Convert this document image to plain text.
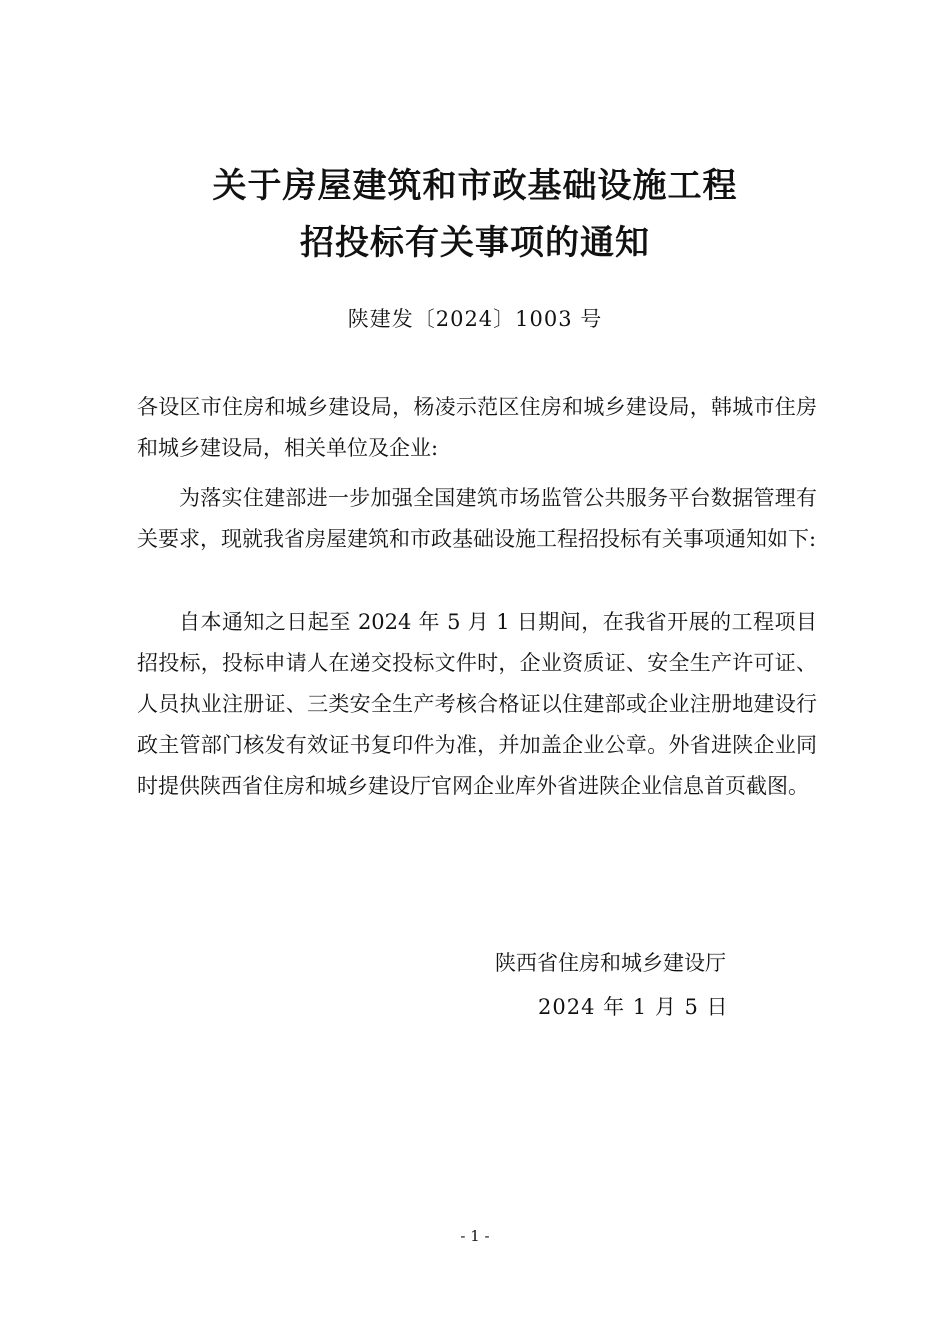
关于房屋建筑和市政基础设施工程
招投标有关事项的通知
陕建发〔2024〕1003 号

各设区市住房和城乡建设局，杨凌示范区住房和城乡建设局，韩城市住房和城乡建设局，相关单位及企业:

为落实住建部进一步加强全国建筑市场监管公共服务平台数据管理有关要求，现就我省房屋建筑和市政基础设施工程招投标有关事项通知如下:

自本通知之日起至 2024 年 5 月 1 日期间，在我省开展的工程项目招投标，投标申请人在递交投标文件时，企业资质证、安全生产许可证、人员执业注册证、三类安全生产考核合格证以住建部或企业注册地建设行政主管部门核发有效证书复印件为准，并加盖企业公章。外省进陕企业同时提供陕西省住房和城乡建设厅官网企业库外省进陕企业信息首页截图。

陕西省住房和城乡建设厅
2024 年 1 月 5 日
- 1 -
